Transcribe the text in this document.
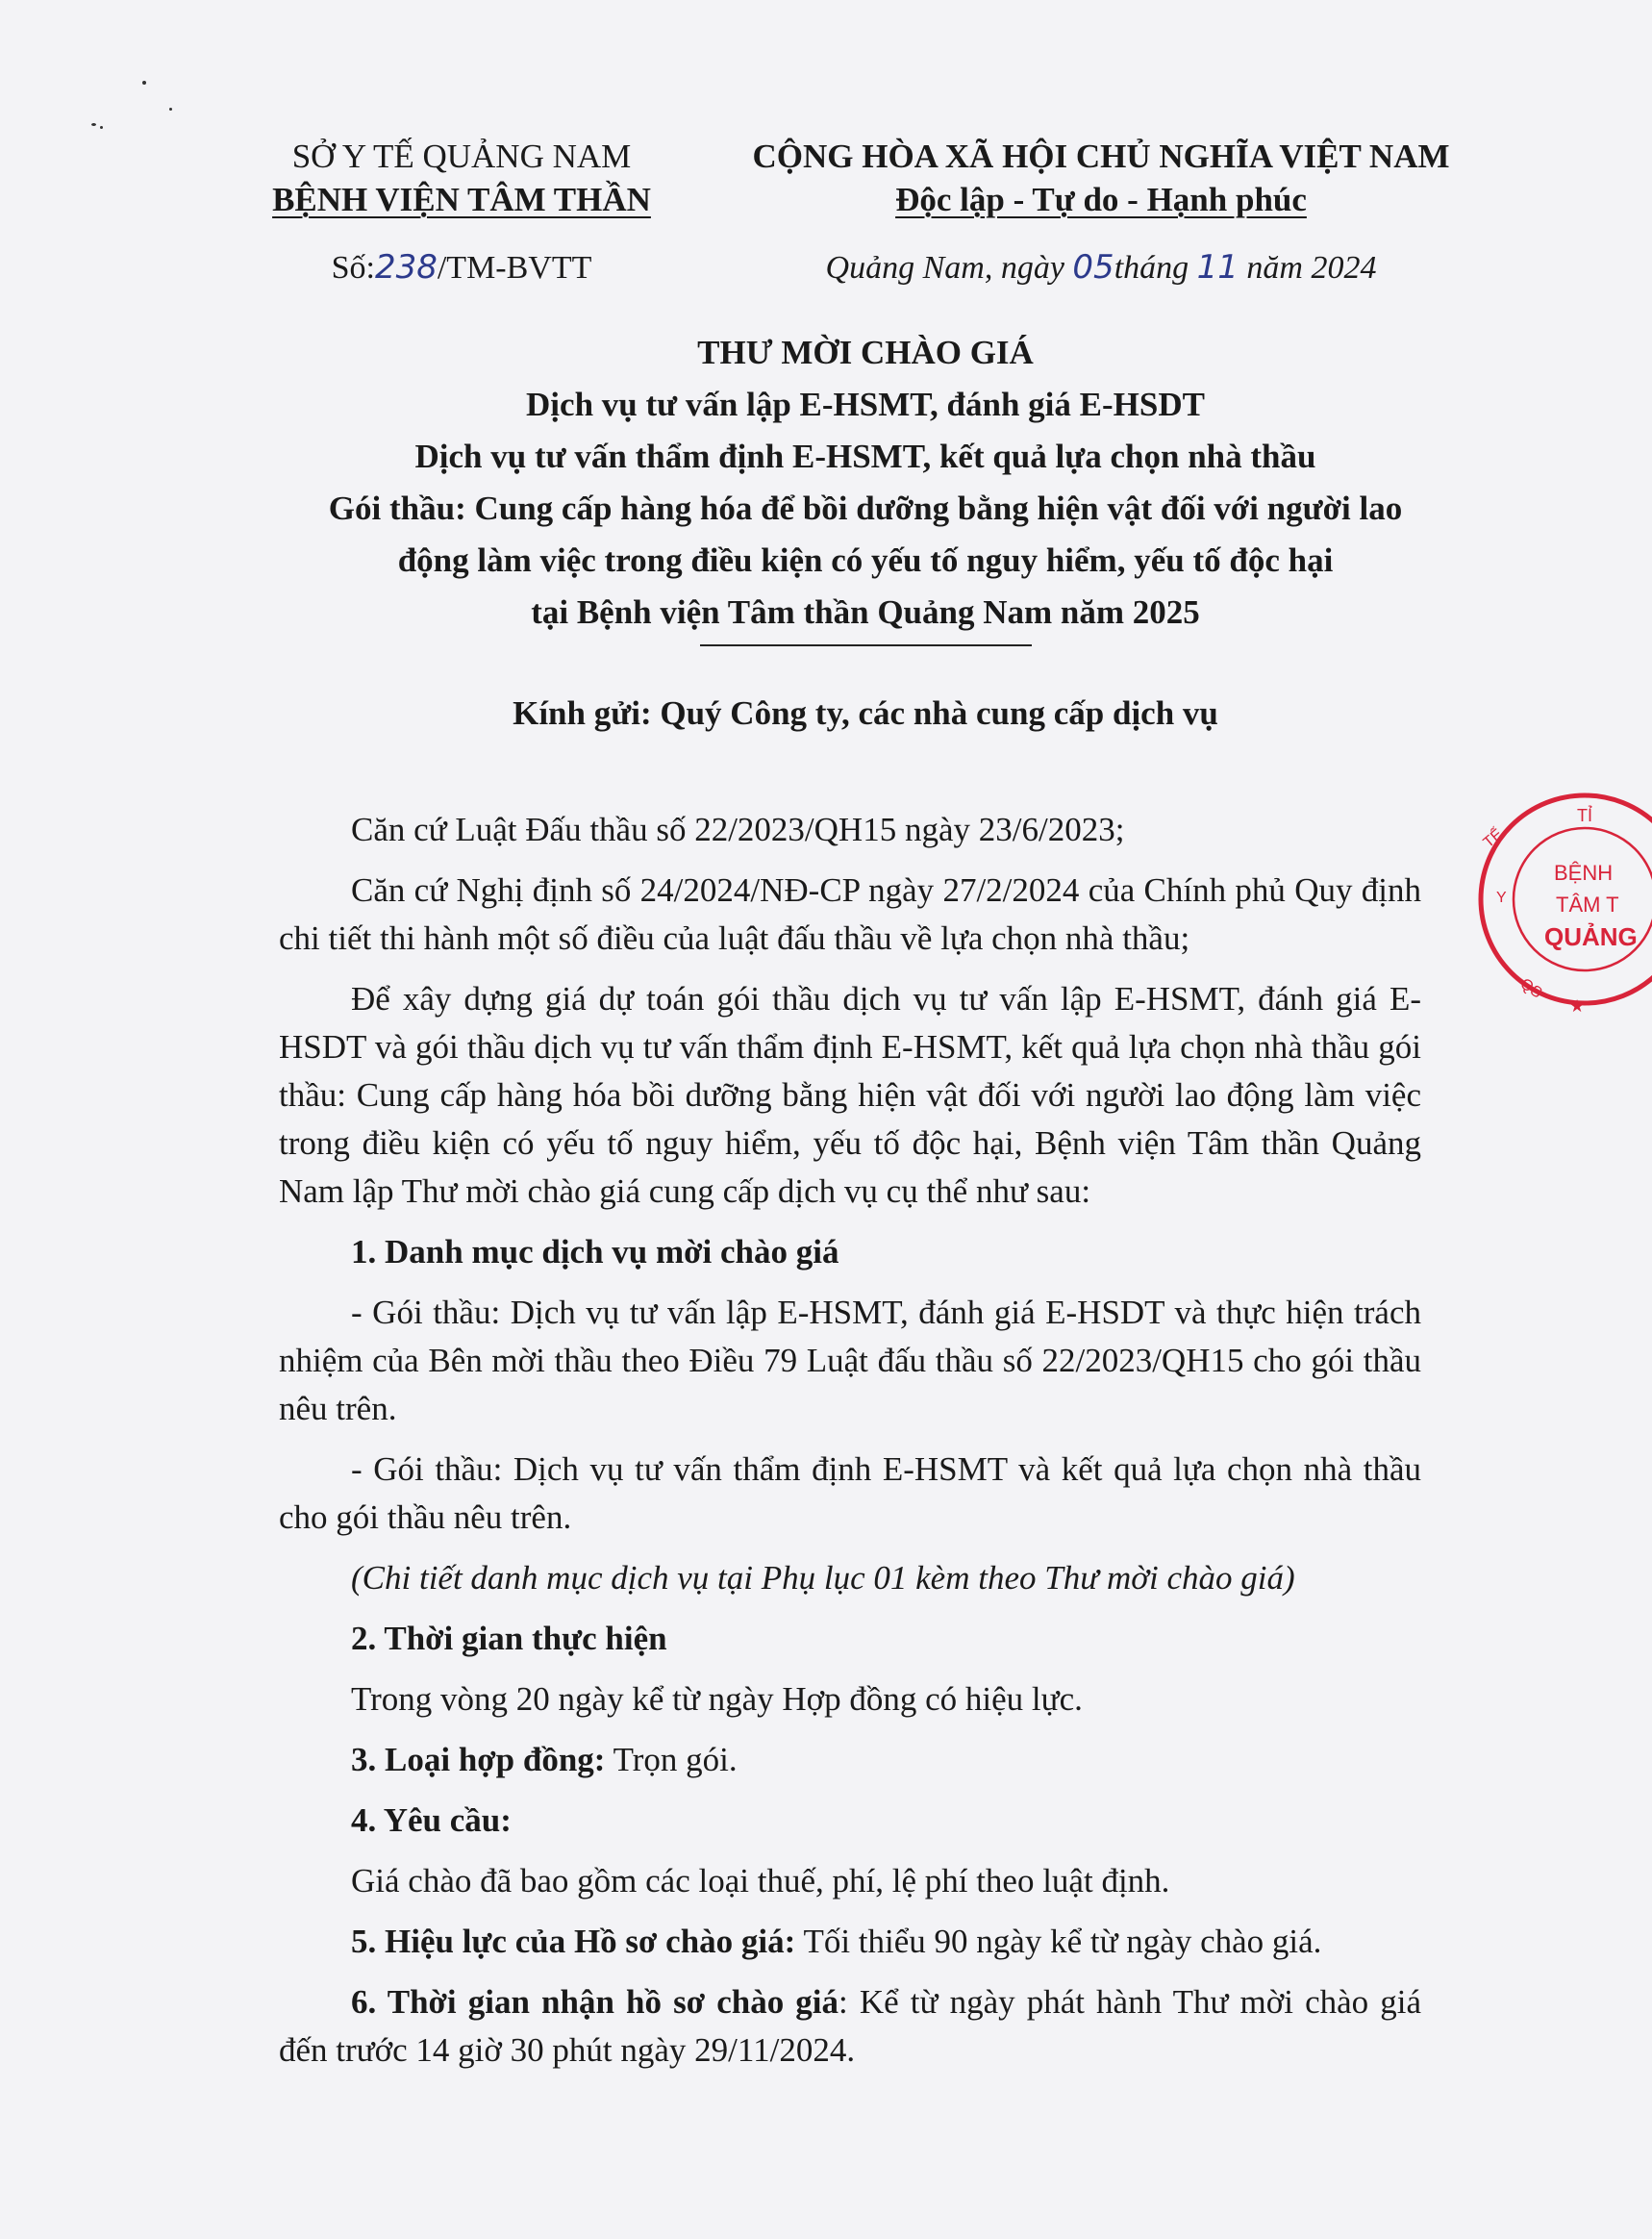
SỞ Y TẾ QUẢNG NAM
BỆNH VIỆN TÂM THẦN
CỘNG HÒA XÃ HỘI CHỦ NGHĨA VIỆT NAM
Độc lập - Tự do - Hạnh phúc
Số:238/TM-BVTT	Quảng Nam, ngày 05tháng 11 năm 2024
THƯ MỜI CHÀO GIÁ
Dịch vụ tư vấn lập E-HSMT, đánh giá E-HSDT
Dịch vụ tư vấn thẩm định E-HSMT, kết quả lựa chọn nhà thầu
Gói thầu: Cung cấp hàng hóa để bồi dưỡng bằng hiện vật đối với người lao
động làm việc trong điều kiện có yếu tố nguy hiểm, yếu tố độc hại
tại Bệnh viện Tâm thần Quảng Nam năm 2025
Kính gửi: Quý Công ty, các nhà cung cấp dịch vụ

Căn cứ Luật Đấu thầu số 22/2023/QH15 ngày 23/6/2023;

Căn cứ Nghị định số 24/2024/NĐ-CP ngày 27/2/2024 của Chính phủ Quy định chi tiết thi hành một số điều của luật đấu thầu về lựa chọn nhà thầu;

Để xây dựng giá dự toán gói thầu dịch vụ tư vấn lập E-HSMT, đánh giá E-HSDT và gói thầu dịch vụ tư vấn thẩm định E-HSMT, kết quả lựa chọn nhà thầu gói thầu: Cung cấp hàng hóa bồi dưỡng bằng hiện vật đối với người lao động làm việc trong điều kiện có yếu tố nguy hiểm, yếu tố độc hại, Bệnh viện Tâm thần Quảng Nam lập Thư mời chào giá cung cấp dịch vụ cụ thể như sau:

1. Danh mục dịch vụ mời chào giá

- Gói thầu: Dịch vụ tư vấn lập E-HSMT, đánh giá E-HSDT và thực hiện trách nhiệm của Bên mời thầu theo Điều 79 Luật đấu thầu số 22/2023/QH15 cho gói thầu nêu trên.

- Gói thầu: Dịch vụ tư vấn thẩm định E-HSMT và kết quả lựa chọn nhà thầu cho gói thầu nêu trên.

(Chi tiết danh mục dịch vụ tại Phụ lục 01 kèm theo Thư mời chào giá)

2. Thời gian thực hiện

Trong vòng 20 ngày kể từ ngày Hợp đồng có hiệu lực.

3. Loại hợp đồng: Trọn gói.

4. Yêu cầu:

Giá chào đã bao gồm các loại thuế, phí, lệ phí theo luật định.

5. Hiệu lực của Hồ sơ chào giá: Tối thiểu 90 ngày kể từ ngày chào giá.

6. Thời gian nhận hồ sơ chào giá: Kể từ ngày phát hành Thư mời chào giá đến trước 14 giờ 30 phút ngày 29/11/2024.

BỆNH
TÂM T
QUẢNG
TỈ
Y
TẾ
QS
★
